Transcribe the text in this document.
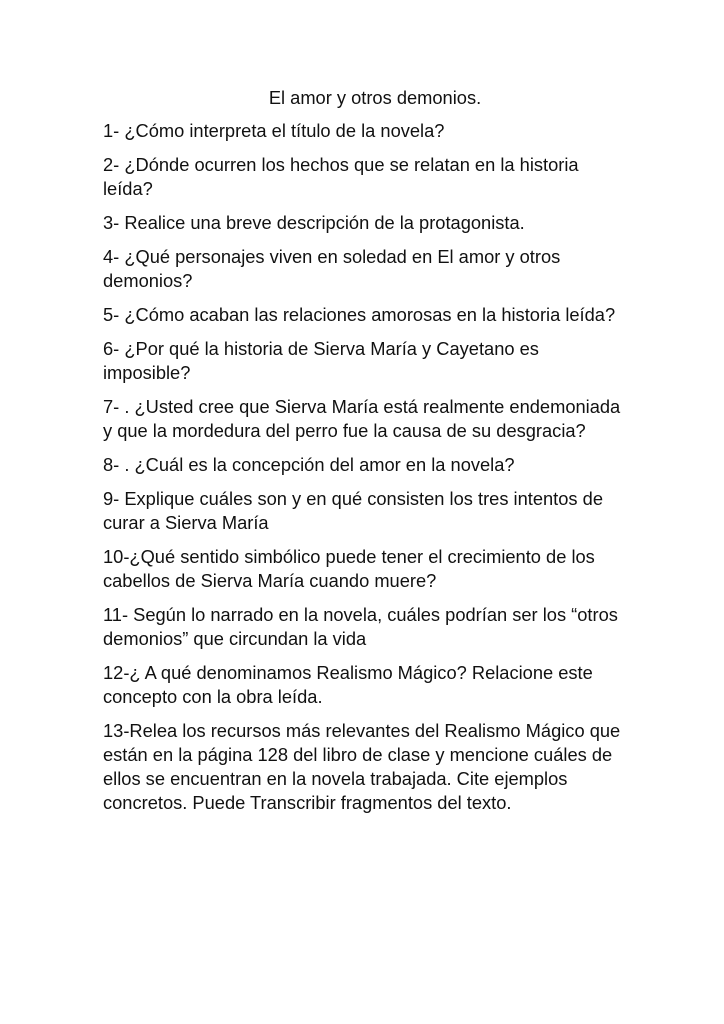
El amor y otros demonios.
1- ¿Cómo interpreta el título de la novela?
2- ¿Dónde ocurren los hechos que se relatan en la historia leída?
3- Realice una breve descripción de la protagonista.
4- ¿Qué personajes viven en soledad en El amor y otros demonios?
5- ¿Cómo acaban las relaciones amorosas en la historia leída?
6- ¿Por qué la historia de Sierva María y Cayetano es imposible?
7- . ¿Usted cree que Sierva María está realmente endemoniada y que la mordedura del perro fue la causa de su desgracia?
8- . ¿Cuál es la concepción del amor en la novela?
9- Explique cuáles son y en qué consisten los tres intentos de curar a Sierva María
10-¿Qué sentido simbólico puede tener el crecimiento de los cabellos de Sierva María cuando muere?
11- Según lo narrado en la novela, cuáles podrían ser los “otros demonios” que circundan la vida
12-¿ A qué denominamos Realismo Mágico? Relacione este concepto con la obra leída.
13-Relea los recursos más relevantes del Realismo Mágico que están en la página 128 del libro de clase y mencione cuáles de ellos se encuentran en la novela trabajada. Cite ejemplos concretos. Puede Transcribir fragmentos del texto.
